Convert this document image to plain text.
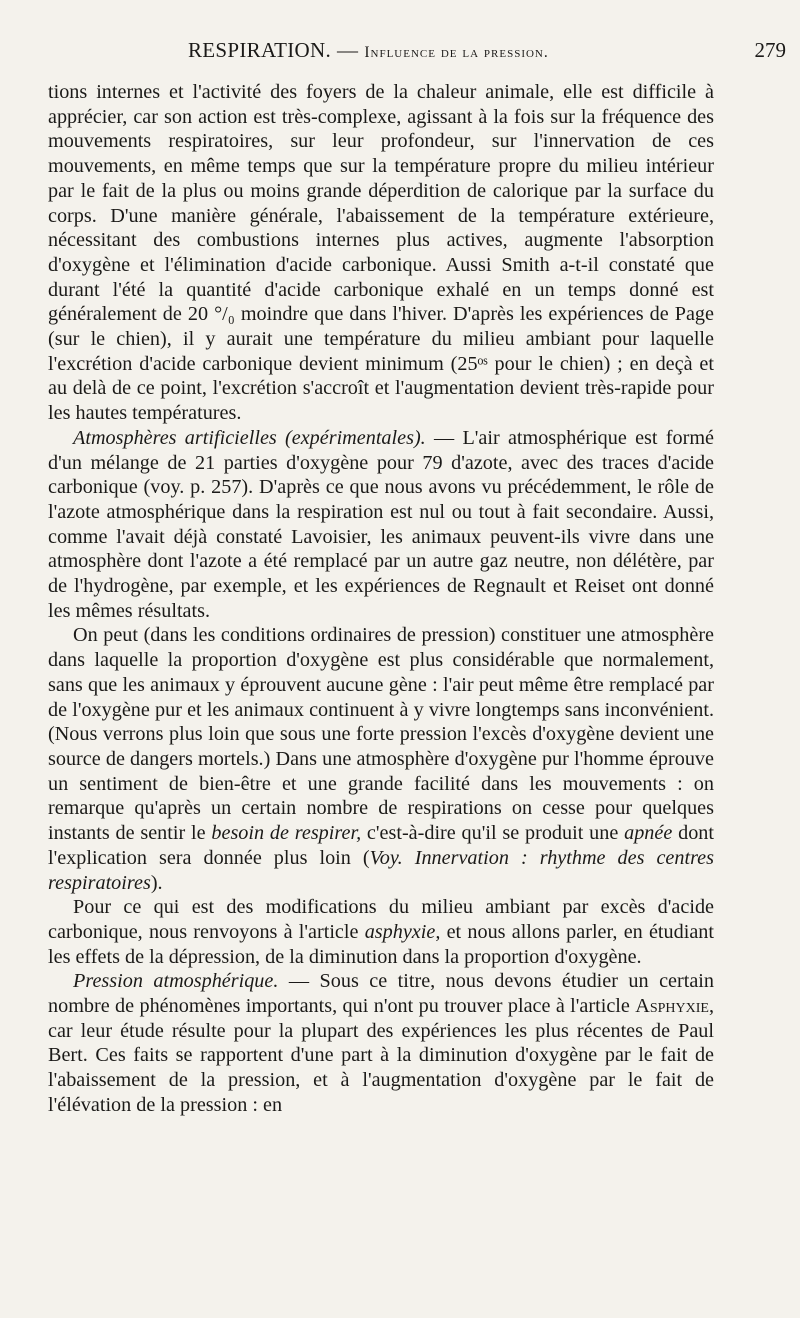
RESPIRATION. — Influence de la pression.	279

tions internes et l'activité des foyers de la chaleur animale, elle est difficile à apprécier, car son action est très-complexe, agissant à la fois sur la fréquence des mouvements respiratoires, sur leur profondeur, sur l'innervation de ces mouvements, en même temps que sur la température propre du milieu intérieur par le fait de la plus ou moins grande déperdition de calorique par la surface du corps. D'une manière générale, l'abaissement de la température extérieure, nécessitant des combustions internes plus actives, augmente l'absorption d'oxygène et l'élimination d'acide carbonique. Aussi Smith a-t-il constaté que durant l'été la quantité d'acide carbonique exhalé en un temps donné est généralement de 20 °/₀ moindre que dans l'hiver. D'après les expériences de Page (sur le chien), il y aurait une température du milieu ambiant pour laquelle l'excrétion d'acide carbonique devient minimum (25ᵒˢ pour le chien) ; en deçà et au delà de ce point, l'excrétion s'accroît et l'augmentation devient très-rapide pour les hautes températures.

Atmosphères artificielles (expérimentales). — L'air atmosphérique est formé d'un mélange de 21 parties d'oxygène pour 79 d'azote, avec des traces d'acide carbonique (voy. p. 257). D'après ce que nous avons vu précédemment, le rôle de l'azote atmosphérique dans la respiration est nul ou tout à fait secondaire. Aussi, comme l'avait déjà constaté Lavoisier, les animaux peuvent-ils vivre dans une atmosphère dont l'azote a été remplacé par un autre gaz neutre, non délétère, par de l'hydrogène, par exemple, et les expériences de Regnault et Reiset ont donné les mêmes résultats.

On peut (dans les conditions ordinaires de pression) constituer une atmosphère dans laquelle la proportion d'oxygène est plus considérable que normalement, sans que les animaux y éprouvent aucune gène : l'air peut même être remplacé par de l'oxygène pur et les animaux continuent à y vivre longtemps sans inconvénient. (Nous verrons plus loin que sous une forte pression l'excès d'oxygène devient une source de dangers mortels.) Dans une atmosphère d'oxygène pur l'homme éprouve un sentiment de bien-être et une grande facilité dans les mouvements : on remarque qu'après un certain nombre de respirations on cesse pour quelques instants de sentir le besoin de respirer, c'est-à-dire qu'il se produit une apnée dont l'explication sera donnée plus loin (Voy. Innervation : rhythme des centres respiratoires).

Pour ce qui est des modifications du milieu ambiant par excès d'acide carbonique, nous renvoyons à l'article asphyxie, et nous allons parler, en étudiant les effets de la dépression, de la diminution dans la proportion d'oxygène.

Pression atmosphérique. — Sous ce titre, nous devons étudier un certain nombre de phénomènes importants, qui n'ont pu trouver place à l'article Asphyxie, car leur étude résulte pour la plupart des expériences les plus récentes de Paul Bert. Ces faits se rapportent d'une part à la diminution d'oxygène par le fait de l'abaissement de la pression, et à l'augmentation d'oxygène par le fait de l'élévation de la pression : en
